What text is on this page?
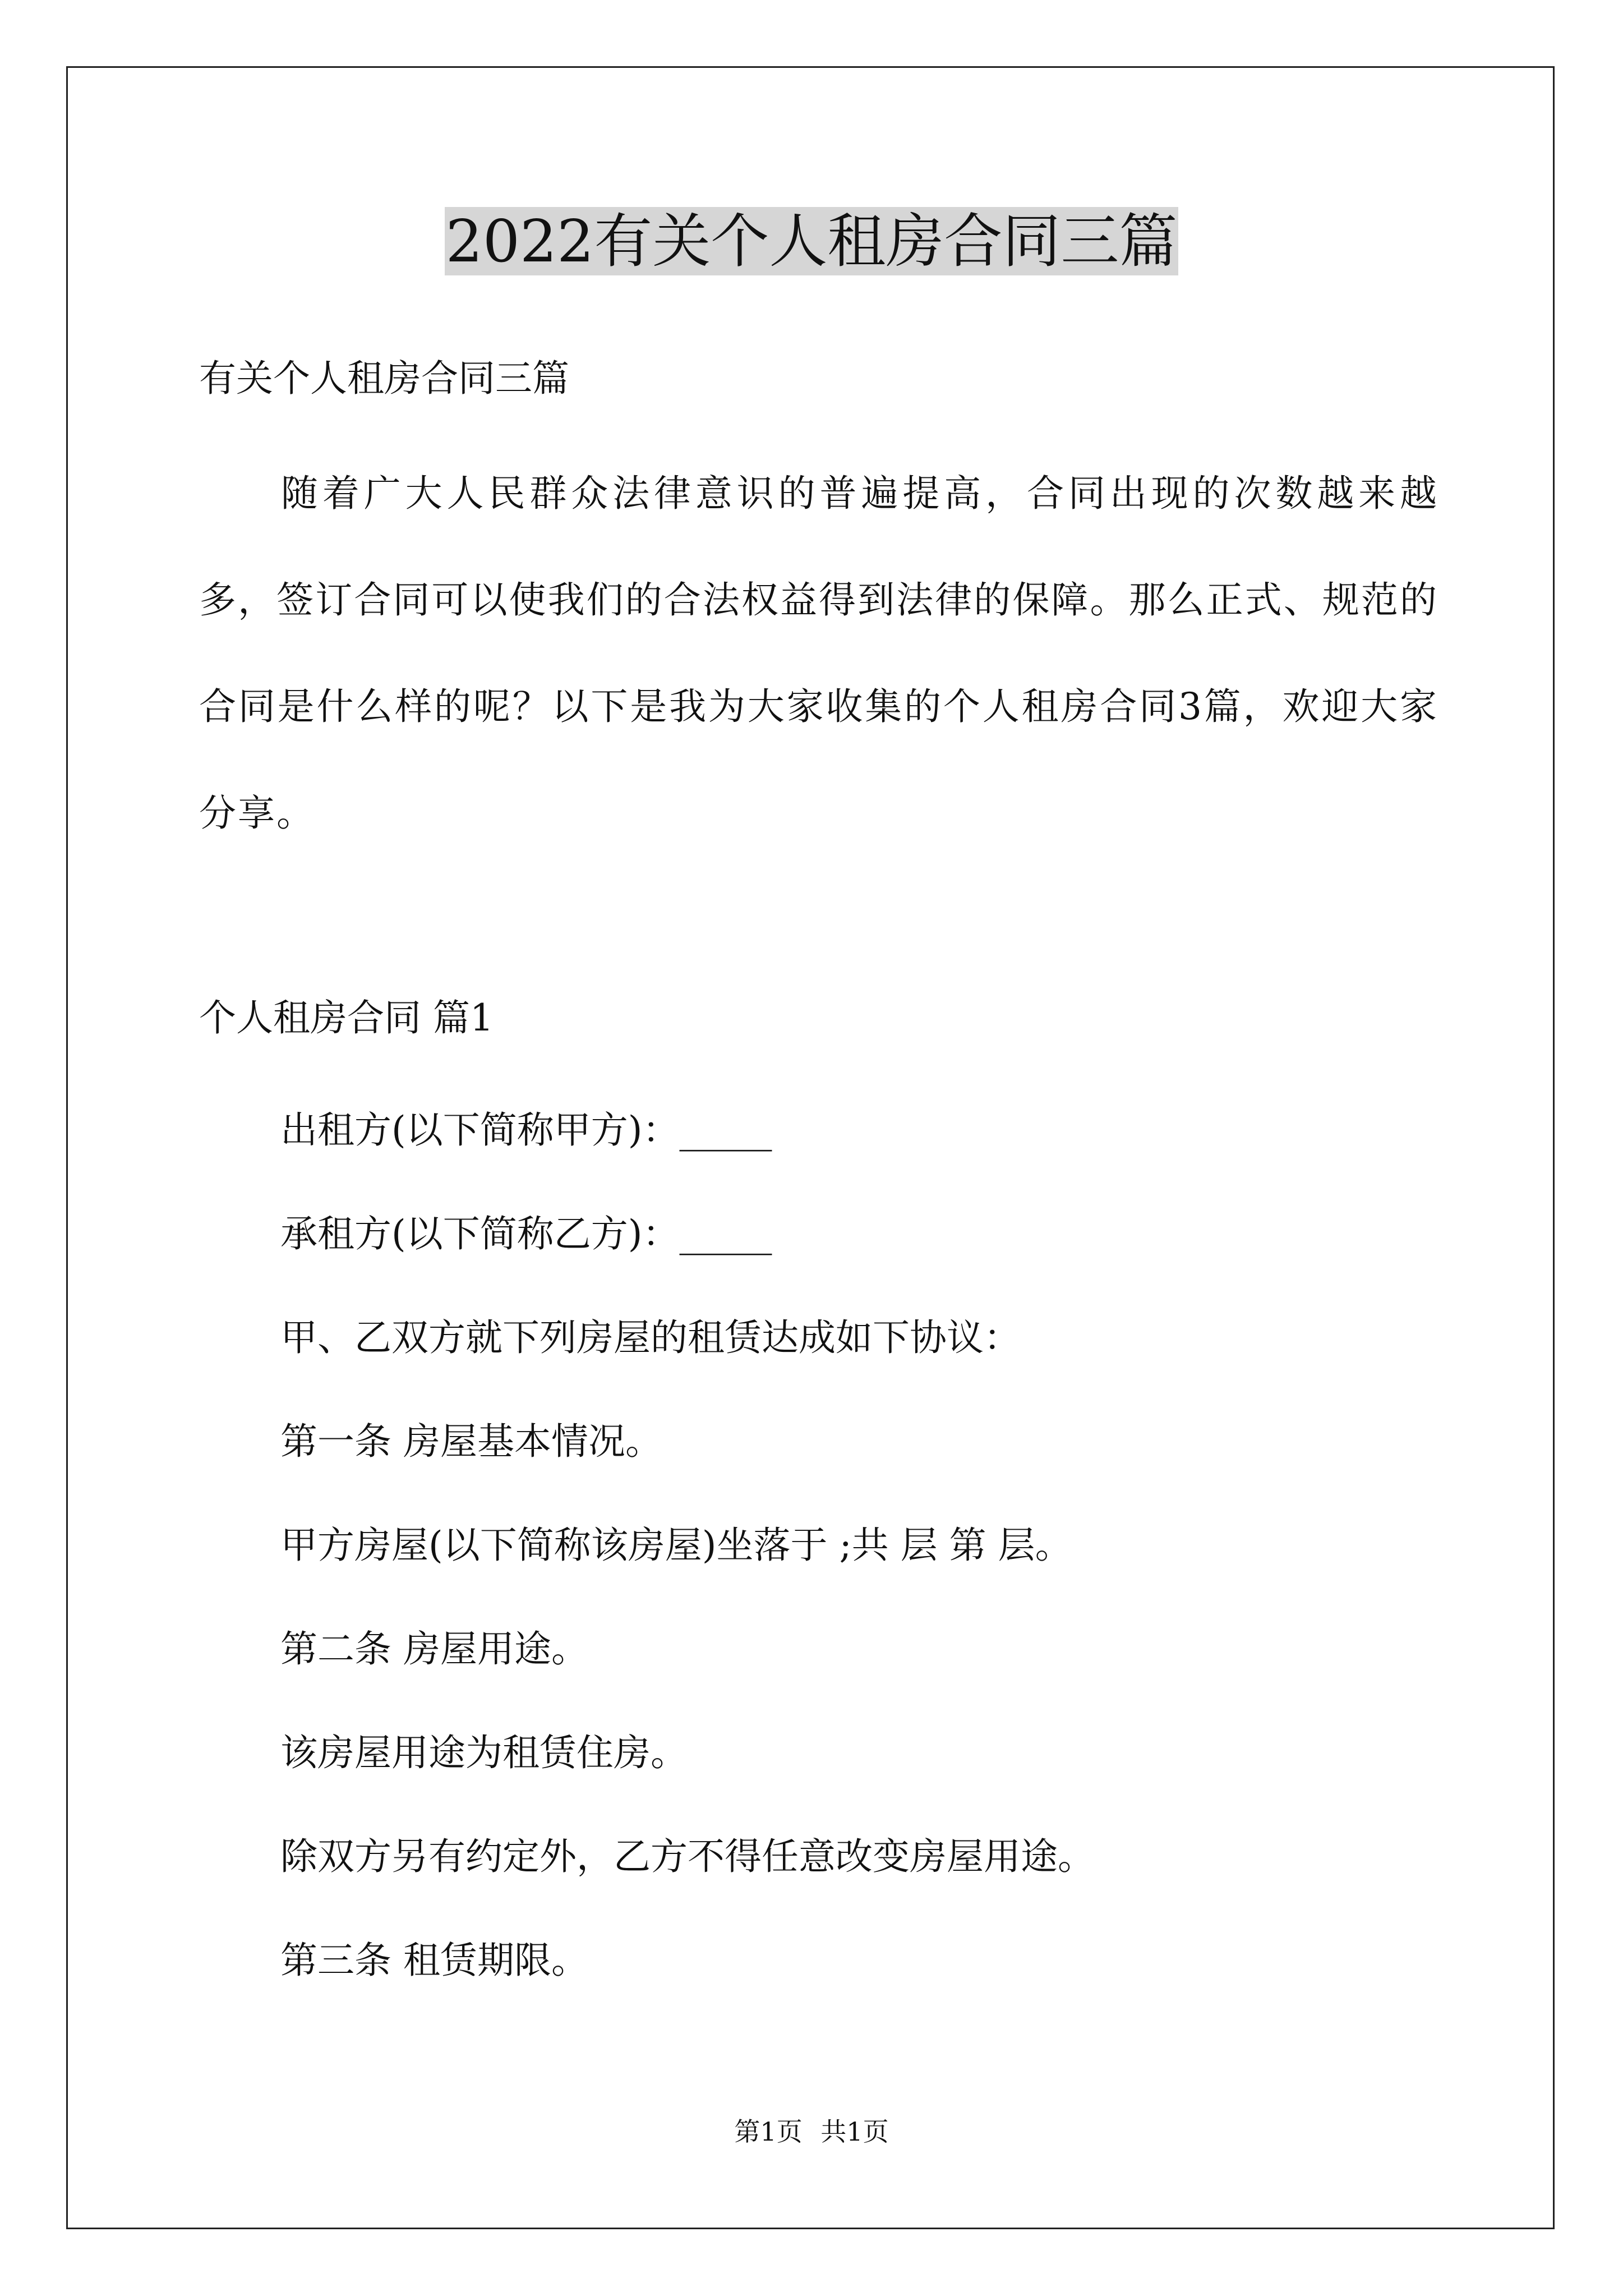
2022有关个人租房合同三篇
有关个人租房合同三篇
随着广大人民群众法律意识的普遍提高，合同出现的次数越来越多，签订合同可以使我们的合法权益得到法律的保障。那么正式、规范的合同是什么样的呢？以下是我为大家收集的个人租房合同3篇，欢迎大家分享。
个人租房合同 篇1
出租方(以下简称甲方)：_____
承租方(以下简称乙方)：_____
甲、乙双方就下列房屋的租赁达成如下协议：
第一条 房屋基本情况。
甲方房屋(以下简称该房屋)坐落于 ;共 层 第 层。
第二条 房屋用途。
该房屋用途为租赁住房。
除双方另有约定外，乙方不得任意改变房屋用途。
第三条 租赁期限。
第1页 共1页
